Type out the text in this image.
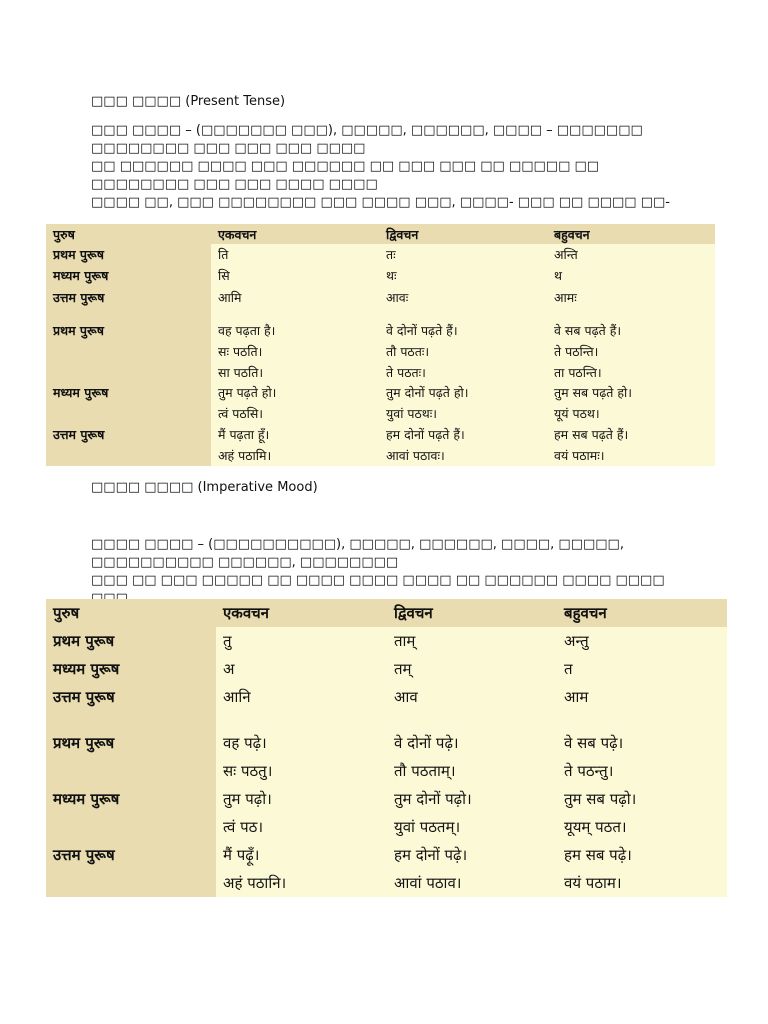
□□□ □□□□ (Present Tense)
□□□ □□□□ – (□□□□□□□ □□□), □□□□□, □□□□□□, □□□□ – □□□□□□□ □□□□□□□□ □□□ □□□ □□□ □□□□
□□ □□□□□□ □□□□ □□□ □□□□□□ □□ □□□ □□□ □□ □□□□□ □□ □□□□□□□□ □□□ □□□ □□□□ □□□□
□□□□ □□, □□□ □□□□□□□□ □□□ □□□□ □□□, □□□□- □□□ □□ □□□□ □□-
पुरुष	एकवचन	द्विवचन	बहुवचन
प्रथम पुरूष	ति	तः	अन्ति
मध्यम पुरूष	सि	थः	थ
उत्तम पुरूष	आमि	आवः	आमः

प्रथम पुरूष	वह पढ़ता है।	वे दोनों पढ़ते हैं।	वे सब पढ़ते हैं।
	सः पठति।	तौ पठतः।	ते पठन्ति।
	सा पठति।	ते पठतः।	ता पठन्ति।
मध्यम पुरूष	तुम पढ़ते हो।	तुम दोनों पढ़ते हो।	तुम सब पढ़ते हो।
	त्वं पठसि।	युवां पठथः।	यूयं पठथ।
उत्तम पुरूष	मैं पढ़ता हूँ।	हम दोनों पढ़ते हैं।	हम सब पढ़ते हैं।
	अहं पठामि।	आवां पठावः।	वयं पठामः।
□□□□ □□□□ (Imperative Mood)
□□□□ □□□□ – (□□□□□□□□□□), □□□□□, □□□□□□, □□□□, □□□□□, □□□□□□□□□□ □□□□□□, □□□□□□□□
□□□ □□ □□□ □□□□□ □□ □□□□ □□□□ □□□□ □□ □□□□□□ □□□□ □□□□
पुरुष	एकवचन	द्विवचन	बहुवचन
प्रथम पुरूष	तु	ताम्	अन्तु
मध्यम पुरूष	अ	तम्	त
उत्तम पुरूष	आनि	आव	आम

प्रथम पुरूष	वह पढ़े।	वे दोनों पढ़े।	वे सब पढ़े।
	सः पठतु।	तौ पठताम्।	ते पठन्तु।
मध्यम पुरूष	तुम पढ़ो।	तुम दोनों पढ़ो।	तुम सब पढ़ो।
	त्वं पठ।	युवां पठतम्।	यूयम् पठत।
उत्तम पुरूष	मैं पढ़ूँ।	हम दोनों पढ़े।	हम सब पढ़े।
	अहं पठानि।	आवां पठाव।	वयं पठाम।
